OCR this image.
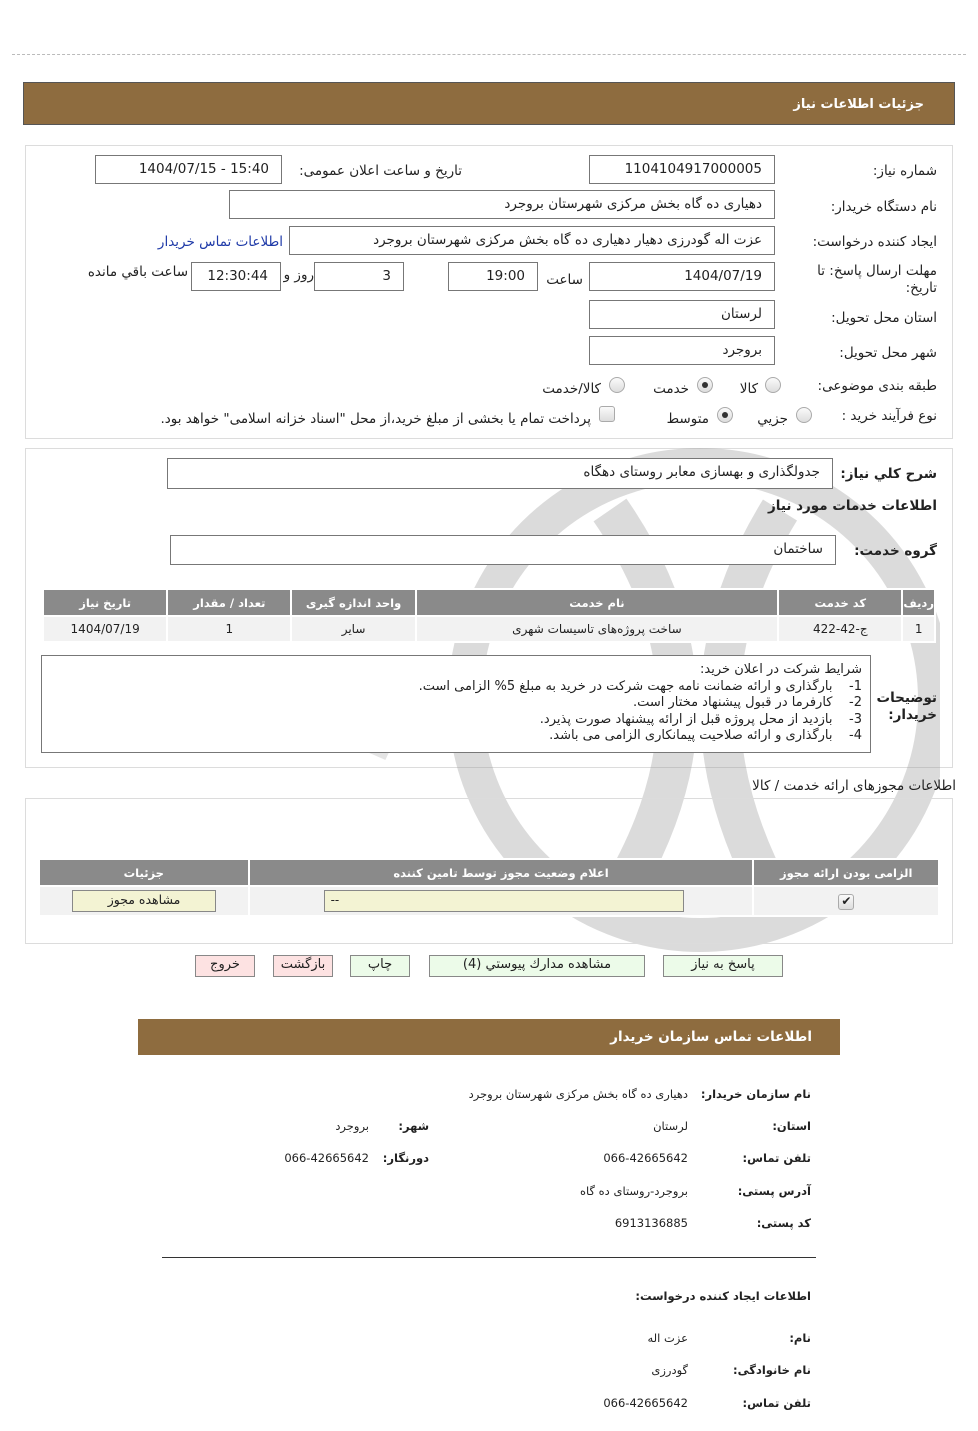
جزئیات اطلاعات نیاز
شماره نیاز:
1104104917000005
تاریخ و ساعت اعلان عمومی:
1404/07/15 - 15:40
نام دستگاه خریدار:
دهیاری ده گاه بخش مرکزی شهرستان بروجرد
ایجاد کننده درخواست:
عزت اله گودرزی دهیار دهیاری ده گاه بخش مرکزی شهرستان بروجرد
اطلاعات تماس خریدار
مهلت ارسال پاسخ: تا تاریخ:
1404/07/19
ساعت
19:00
3
روز و
12:30:44
ساعت باقي مانده
استان محل تحویل:
لرستان
شهر محل تحویل:
بروجرد
طبقه بندی موضوعی:
کالا
خدمت
کالا/خدمت
نوع فرآیند خرید :
جزیي
متوسط
پرداخت تمام یا بخشی از مبلغ خرید،از محل "اسناد خزانه اسلامی" خواهد بود.
شرح کلي نیاز:
جدولگذاری و بهسازی معابر روستای دهگاه
اطلاعات خدمات مورد نیاز
گروه خدمت:
ساختمان
ردیف	کد خدمت	نام خدمت	واحد اندازه گیری	تعداد / مقدار	تاریخ نیاز
1	ج-42-422	ساخت پروژه‌های تاسیسات شهری	سایر	1	1404/07/19
توضیحات خریدار:
شرایط شرکت در اعلان خرید:
1-    بارگذاری و ارائه ضمانت نامه جهت شرکت در خرید به مبلغ 5% الزامی است.
2-    کارفرما در قبول پیشنهاد مختار است.
3-    بازدید از محل پروژه قبل از ارائه پیشنهاد صورت پذیرد.
4-    بارگذاری و ارائه صلاحیت پیمانکاری الزامی می باشد.
اطلاعات مجوزهای ارائه خدمت / کالا
الزامی بودن ارائه مجوز	اعلام وضعیت مجوز توسط تامین کننده	جزئیات

✔	--	مشاهده مجوز
پاسخ به نیاز
مشاهده مدارك پيوستي (4)
چاپ
بازگشت
خروج
اطلاعات تماس سازمان خریدار
نام سازمان خریدار:
دهیاری ده گاه بخش مرکزی شهرستان بروجرد
استان:
لرستان
شهر:
بروجرد
تلفن تماس:
066-42665642
دورنگار:
066-42665642
آدرس پستی:
بروجرد-روستای ده گاه
کد پستی:
6913136885
اطلاعات ایجاد کننده درخواست:
نام:
عزت اله
نام خانوادگی:
گودرزی
تلفن تماس:
066-42665642
